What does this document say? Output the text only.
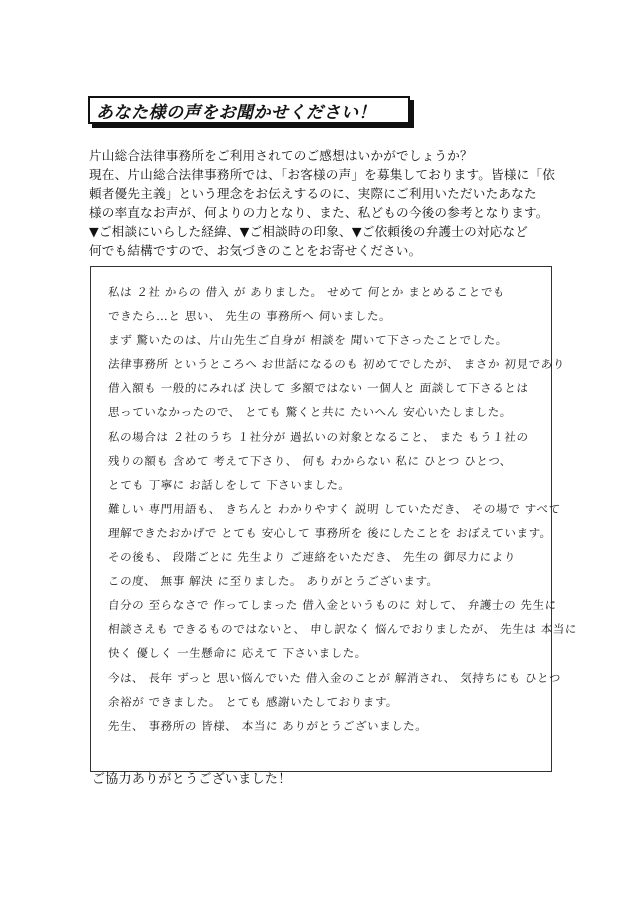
あなた様の声をお聞かせください！
片山総合法律事務所をご利用されてのご感想はいかがでしょうか？
現在、片山総合法律事務所では、「お客様の声」を募集しております。皆様に「依
頼者優先主義」という理念をお伝えするのに、実際にご利用いただいたあなた
様の率直なお声が、何よりの力となり、また、私どもの今後の参考となります。
▼ご相談にいらした経緯、▼ご相談時の印象、▼ご依頼後の弁護士の対応など
何でも結構ですので、お気づきのことをお寄せください。
私は ２社 からの 借入 が ありました。 せめて 何とか まとめることでも
できたら…と 思い、 先生の 事務所へ 伺いました。
まず 驚いたのは、片山先生ご自身が 相談を 聞いて下さったことでした。
法律事務所 というところへ お世話になるのも 初めてでしたが、 まさか 初見であり
借入額も 一般的にみれば 決して 多額ではない 一個人と 面談して下さるとは
思っていなかったので、 とても 驚くと共に たいへん 安心いたしました。
私の場合は ２社のうち １社分が 過払いの対象となること、 また もう１社の
残りの額も 含めて 考えて下さり、 何も わからない 私に ひとつ ひとつ、
とても 丁寧に お話しをして 下さいました。
難しい 専門用語も、 きちんと わかりやすく 説明 していただき、 その場で すべて
理解できたおかげで とても 安心して 事務所を 後にしたことを おぼえています。
その後も、 段階ごとに 先生より ご連絡をいただき、 先生の 御尽力により
この度、 無事 解決 に至りました。 ありがとうございます。
自分の 至らなさで 作ってしまった 借入金というものに 対して、 弁護士の 先生に
相談さえも できるものではないと、 申し訳なく 悩んでおりましたが、 先生は 本当に
快く 優しく 一生懸命に 応えて 下さいました。
今は、 長年 ずっと 思い悩んでいた 借入金のことが 解消され、 気持ちにも ひとつ
余裕が できました。 とても 感謝いたしております。
先生、 事務所の 皆様、 本当に ありがとうございました。
ご協力ありがとうございました！
